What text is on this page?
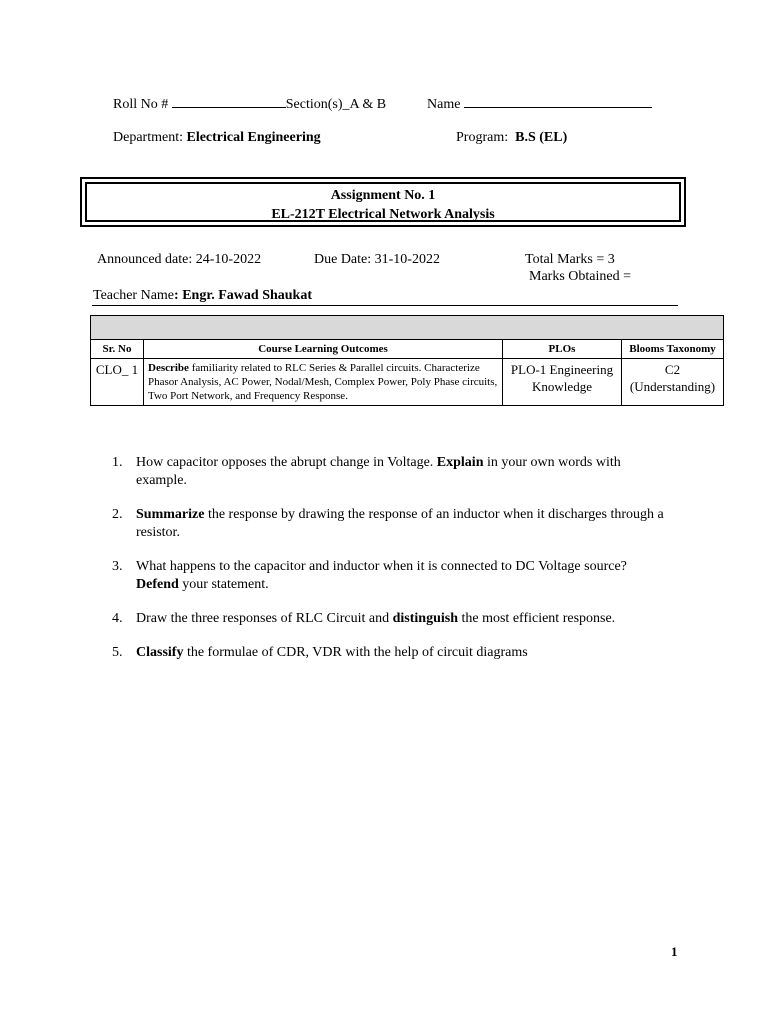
Roll No #	Section(s)_A & B	Name
Department: Electrical Engineering	Program: B.S (EL)
Assignment No. 1
EL-212T Electrical Network Analysis
Announced date: 24-10-2022	Due Date: 31-10-2022	Total Marks = 3
Marks Obtained =
Teacher Name: Engr. Fawad Shaukat

Sr. No	Course Learning Outcomes	PLOs	Blooms Taxonomy
CLO_ 1	Describe familiarity related to RLC Series & Parallel circuits. Characterize Phasor Analysis, AC Power, Nodal/Mesh, Complex Power, Poly Phase circuits, Two Port Network, and Frequency Response.	PLO-1 Engineering Knowledge	C2
(Understanding)
1. How capacitor opposes the abrupt change in Voltage. Explain in your own words with example.
2. Summarize the response by drawing the response of an inductor when it discharges through a resistor.
3. What happens to the capacitor and inductor when it is connected to DC Voltage source? Defend your statement.
4. Draw the three responses of RLC Circuit and distinguish the most efficient response.
5. Classify the formulae of CDR, VDR with the help of circuit diagrams
1
